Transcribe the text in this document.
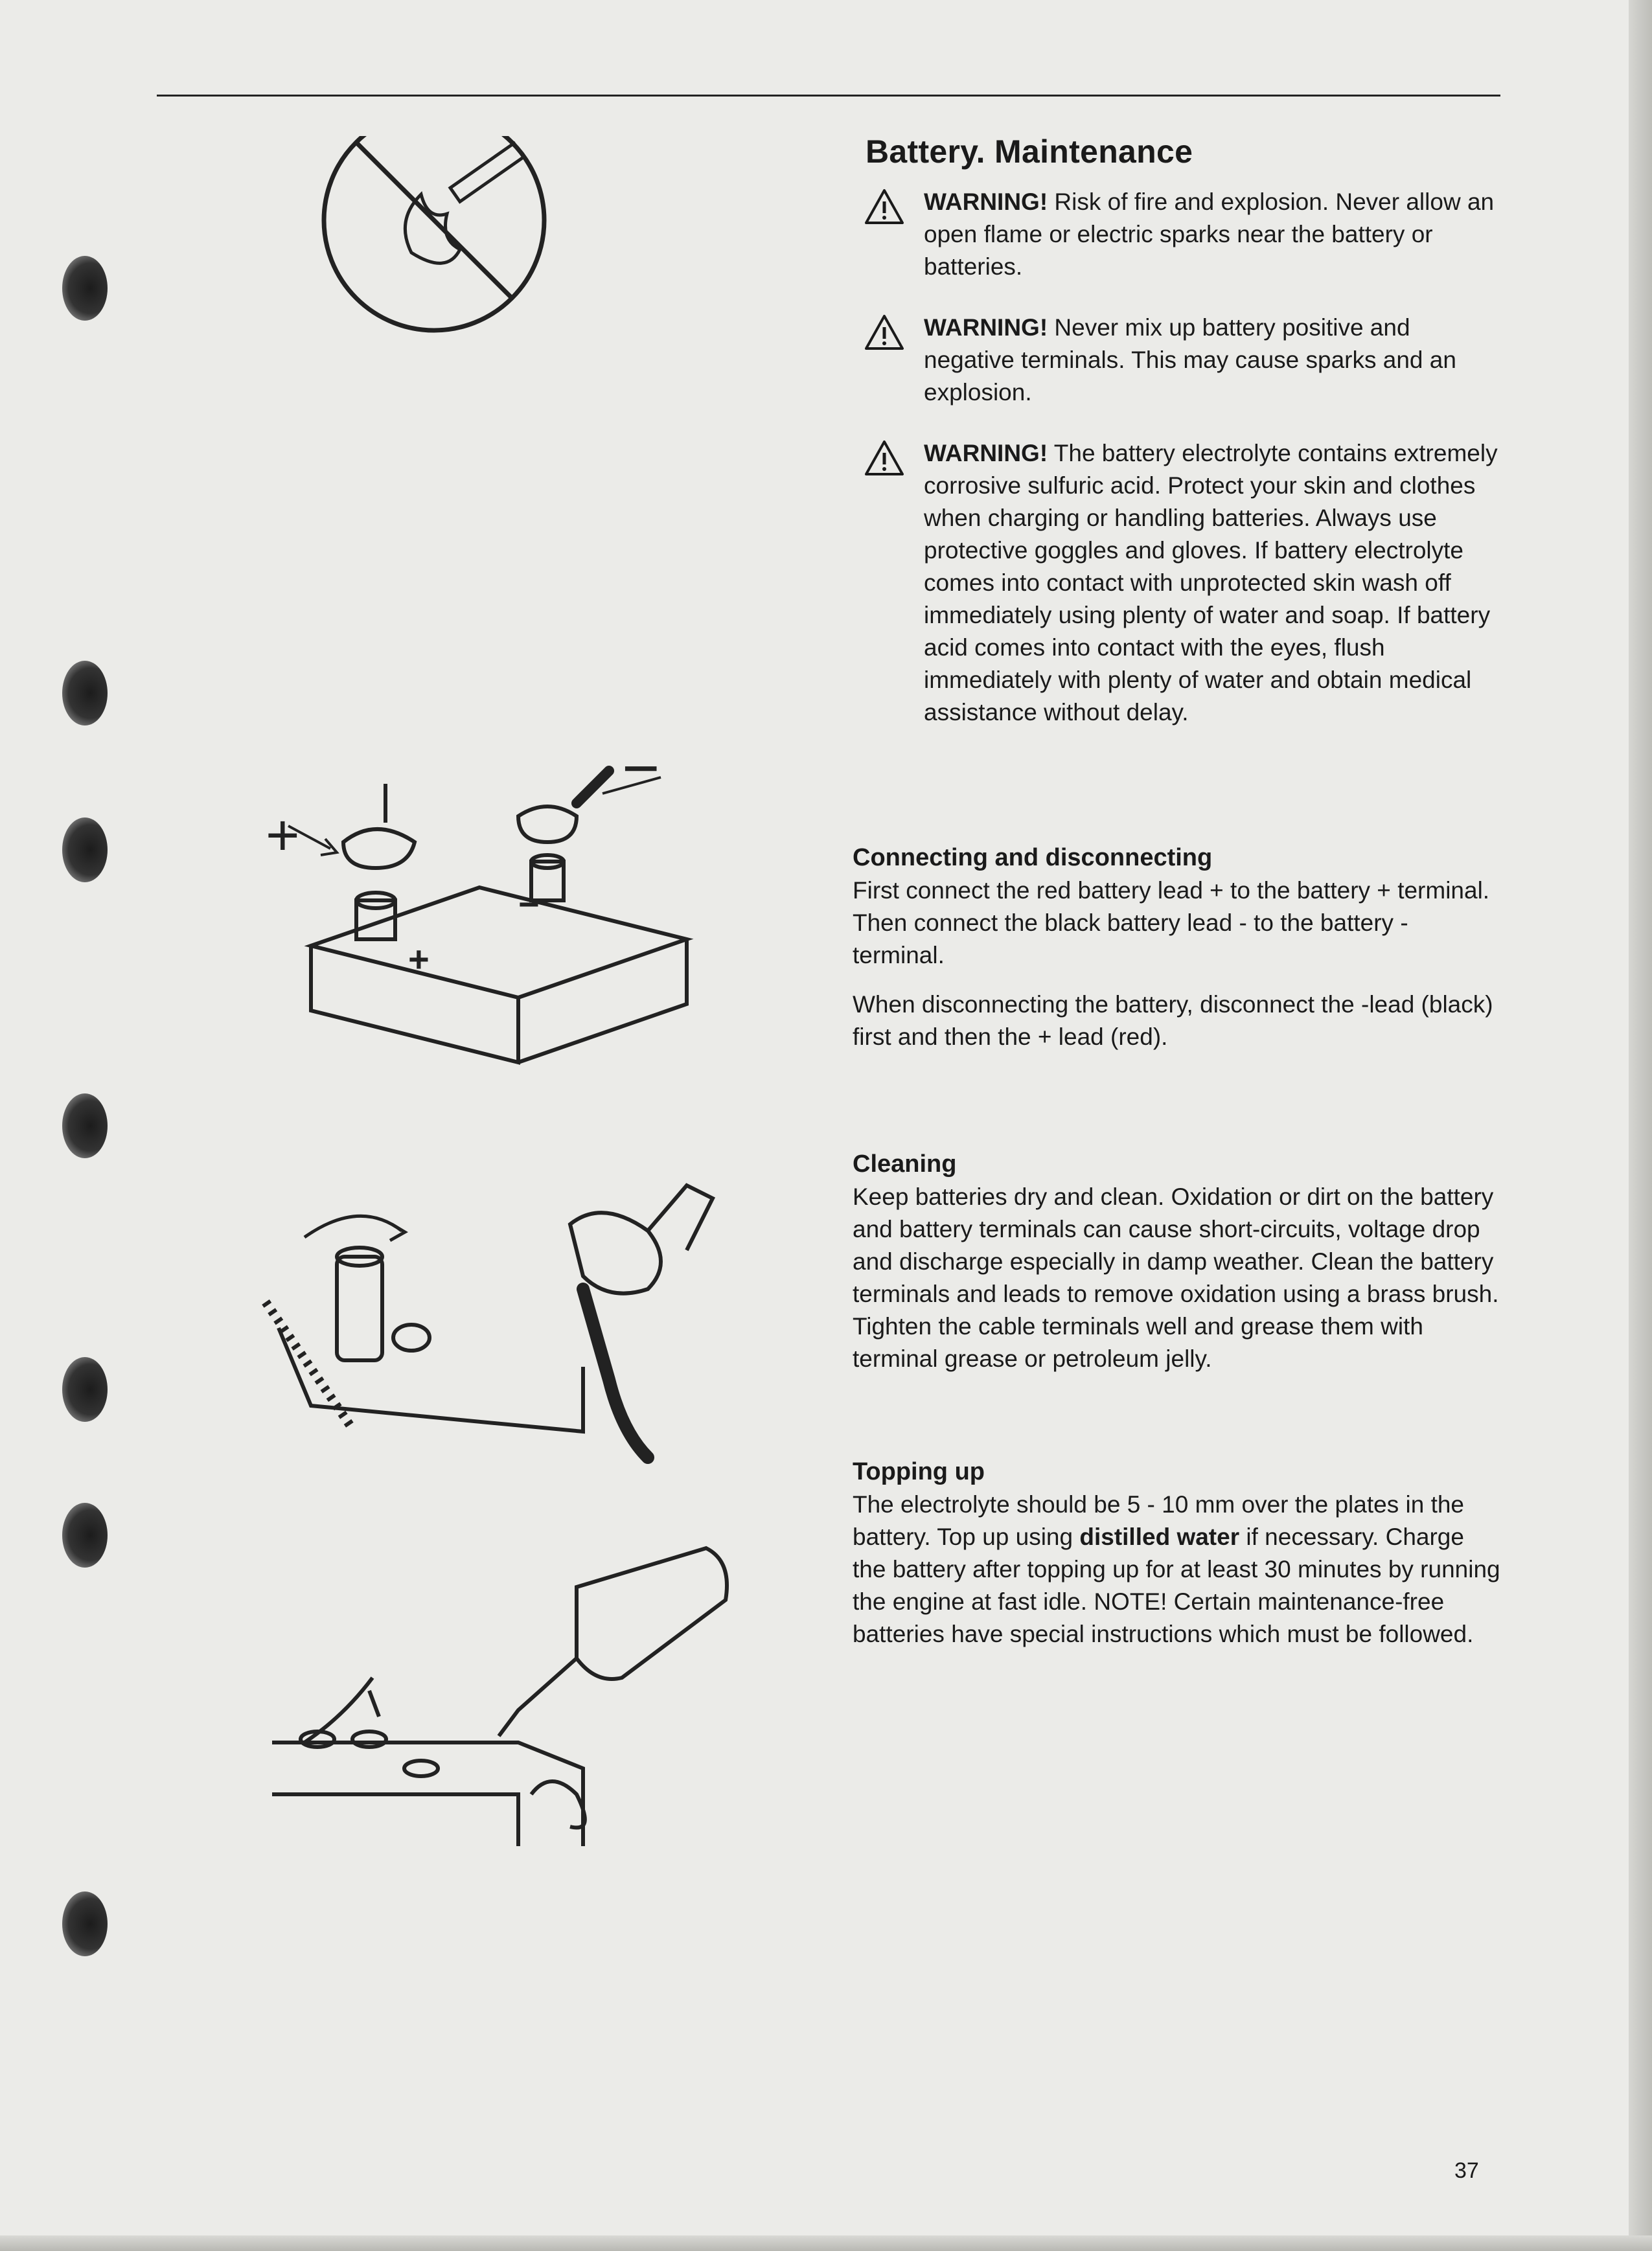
+
−
+
−
Battery. Maintenance
WARNING! Risk of fire and explosion. Never allow an open flame or electric sparks near the battery or batteries.
WARNING! Never mix up battery positive and negative terminals. This may cause sparks and an explosion.
WARNING! The battery electrolyte contains extremely corrosive sulfuric acid. Protect your skin and clothes when charging or handling batteries. Always use protective goggles and gloves. If battery electrolyte comes into contact with unprotected skin wash off immediately using plenty of water and soap. If battery acid comes into contact with the eyes, flush immediately with plenty of water and obtain medical assistance without delay.
Connecting and disconnecting

First connect the red battery lead + to the battery + terminal. Then connect the black battery lead - to the battery - terminal.

When disconnecting the battery, disconnect the -lead (black) first and then the + lead (red).

Cleaning

Keep batteries dry and clean. Oxidation or dirt on the battery and battery terminals can cause short-circuits, voltage drop and discharge especially in damp weather. Clean the battery terminals and leads to remove oxidation using a brass brush. Tighten the cable terminals well and grease them with terminal grease or petroleum jelly.

Topping up

The electrolyte should be 5 - 10 mm over the plates in the battery. Top up using distilled water if necessary. Charge the battery after topping up for at least 30 minutes by running the engine at fast idle. NOTE! Certain maintenance-free batteries have special instructions which must be followed.

37
